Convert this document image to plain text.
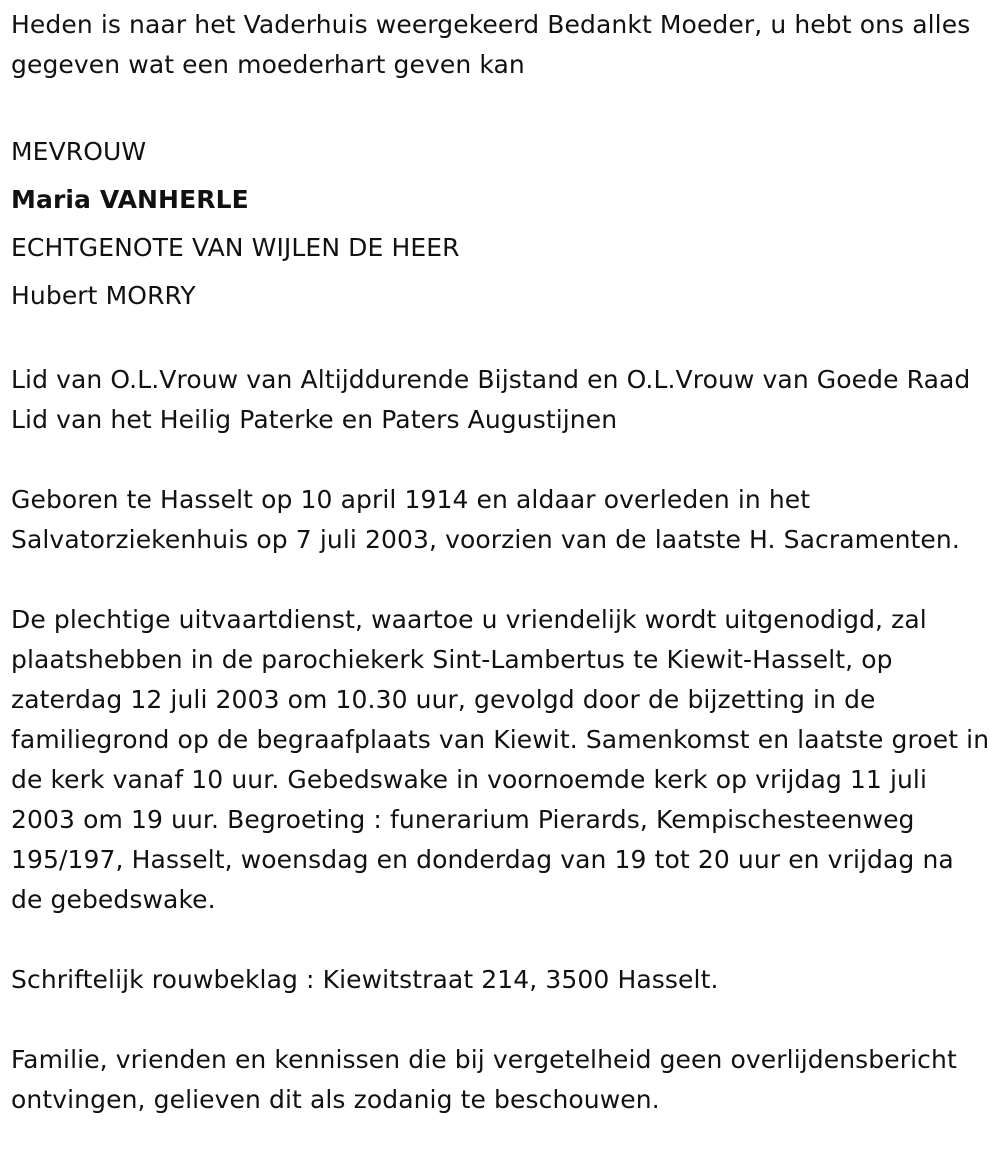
Heden is naar het Vaderhuis weergekeerd Bedankt Moeder, u hebt ons alles gegeven wat een moederhart geven kan

MEVROUW
Maria VANHERLE
ECHTGENOTE VAN WIJLEN DE HEER
Hubert MORRY

Lid van O.L.Vrouw van Altijddurende Bijstand en O.L.Vrouw van Goede Raad Lid van het Heilig Paterke en Paters Augustijnen

Geboren te Hasselt op 10 april 1914 en aldaar overleden in het Salvatorziekenhuis op 7 juli 2003, voorzien van de laatste H. Sacramenten.

De plechtige uitvaartdienst, waartoe u vriendelijk wordt uitgenodigd, zal plaatshebben in de parochiekerk Sint-Lambertus te Kiewit-Hasselt, op zaterdag 12 juli 2003 om 10.30 uur, gevolgd door de bijzetting in de familiegrond op de begraafplaats van Kiewit. Samenkomst en laatste groet in de kerk vanaf 10 uur. Gebedswake in voornoemde kerk op vrijdag 11 juli 2003 om 19 uur. Begroeting : funerarium Pierards, Kempischesteenweg 195/197, Hasselt, woensdag en donderdag van 19 tot 20 uur en vrijdag na de gebedswake.

Schriftelijk rouwbeklag : Kiewitstraat 214, 3500 Hasselt.

Familie, vrienden en kennissen die bij vergetelheid geen overlijdensbericht ontvingen, gelieven dit als zodanig te beschouwen.
